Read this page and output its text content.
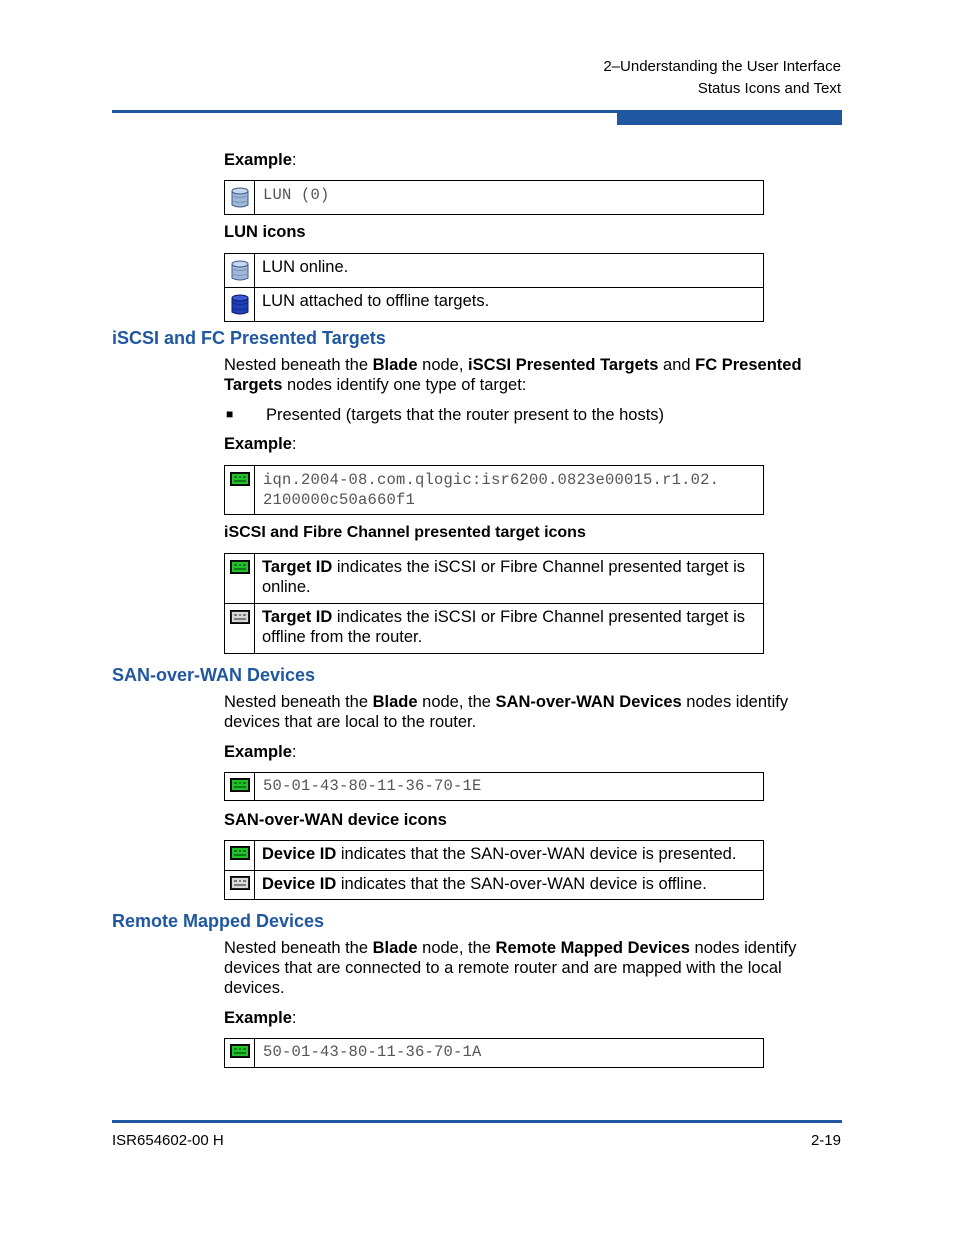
2–Understanding the User Interface
Status Icons and Text
Example:
	LUN (0)
LUN icons
	LUN online.
	LUN attached to offline targets.
iSCSI and FC Presented Targets
Nested beneath the Blade node, iSCSI Presented Targets and FC Presented Targets nodes identify one type of target:
■ Presented (targets that the router present to the hosts)
Example:

iqn.2004-08.com.qlogic:isr6200.0823e00015.r1.02.
2100000c50a660f1
iSCSI and Fibre Channel presented target icons
	Target ID indicates the iSCSI or Fibre Channel presented target is online.
	Target ID indicates the iSCSI or Fibre Channel presented target is offline from the router.
SAN-over-WAN Devices
Nested beneath the Blade node, the SAN-over-WAN Devices nodes identify devices that are local to the router.
Example:
	50-01-43-80-11-36-70-1E
SAN-over-WAN device icons
	Device ID indicates that the SAN-over-WAN device is presented.
	Device ID indicates that the SAN-over-WAN device is offline.
Remote Mapped Devices
Nested beneath the Blade node, the Remote Mapped Devices nodes identify devices that are connected to a remote router and are mapped with the local devices.
Example:
	50-01-43-80-11-36-70-1A
ISR654602-00 H	2-19
